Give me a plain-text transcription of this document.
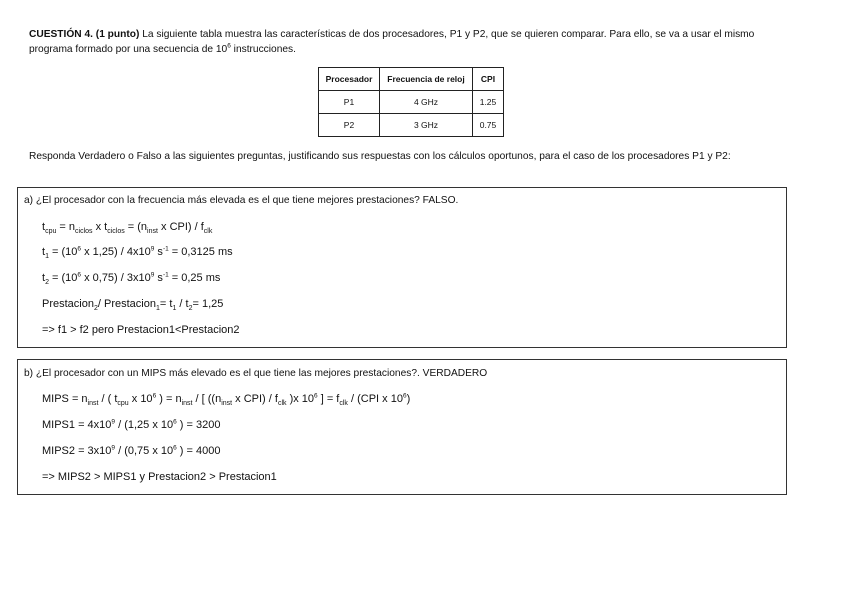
CUESTIÓN 4. (1 punto) La siguiente tabla muestra las características de dos procesadores, P1 y P2, que se quieren comparar. Para ello, se va a usar el mismo programa formado por una secuencia de $10^6$ instrucciones.
Procesador	Frecuencia de reloj	CPI
P1	4 GHz	1.25
P2	3 GHz	0.75
Responda Verdadero o Falso a las siguientes preguntas, justificando sus respuestas con los cálculos oportunos, para el caso de los procesadores P1 y P2:
a) ¿El procesador con la frecuencia más elevada es el que tiene mejores prestaciones? FALSO.
$t_{cpu} = n_{ciclos}$ x $t_{ciclos} = (n_{inst}$ x $CPI) / f_{clk}$
$t_1 = (10^6$ x $1,25) / 4x10^9$ $s^{-1} = 0,3125$ ms
$t_2 = (10^6$ x $0,75) / 3x10^9$ $s^{-1} = 0,25$ ms
Prestacion$_2$/ Prestacion$_1$= $t_1 / t_2= 1,25$
=> f1 > f2 pero Prestacion1<Prestacion2
b) ¿El procesador con un MIPS más elevado es el que tiene las mejores prestaciones?. VERDADERO
MIPS = $n_{inst}$ / ( $t_{cpu}$ x $10^6$ ) = $n_{inst}$ / [ (($n_{inst}$ x $CPI) / f_{clk}$ )x $10^6$ ] = $f_{clk} / (CPI$ x $10^6$)
MIPS1 = $4x10^9 / (1,25$ x $10^6$ ) = 3200
MIPS2 = $3x10^9 / (0,75$ x $10^6$ ) = 4000
=> MIPS2 > MIPS1 y Prestacion2 > Prestacion1
